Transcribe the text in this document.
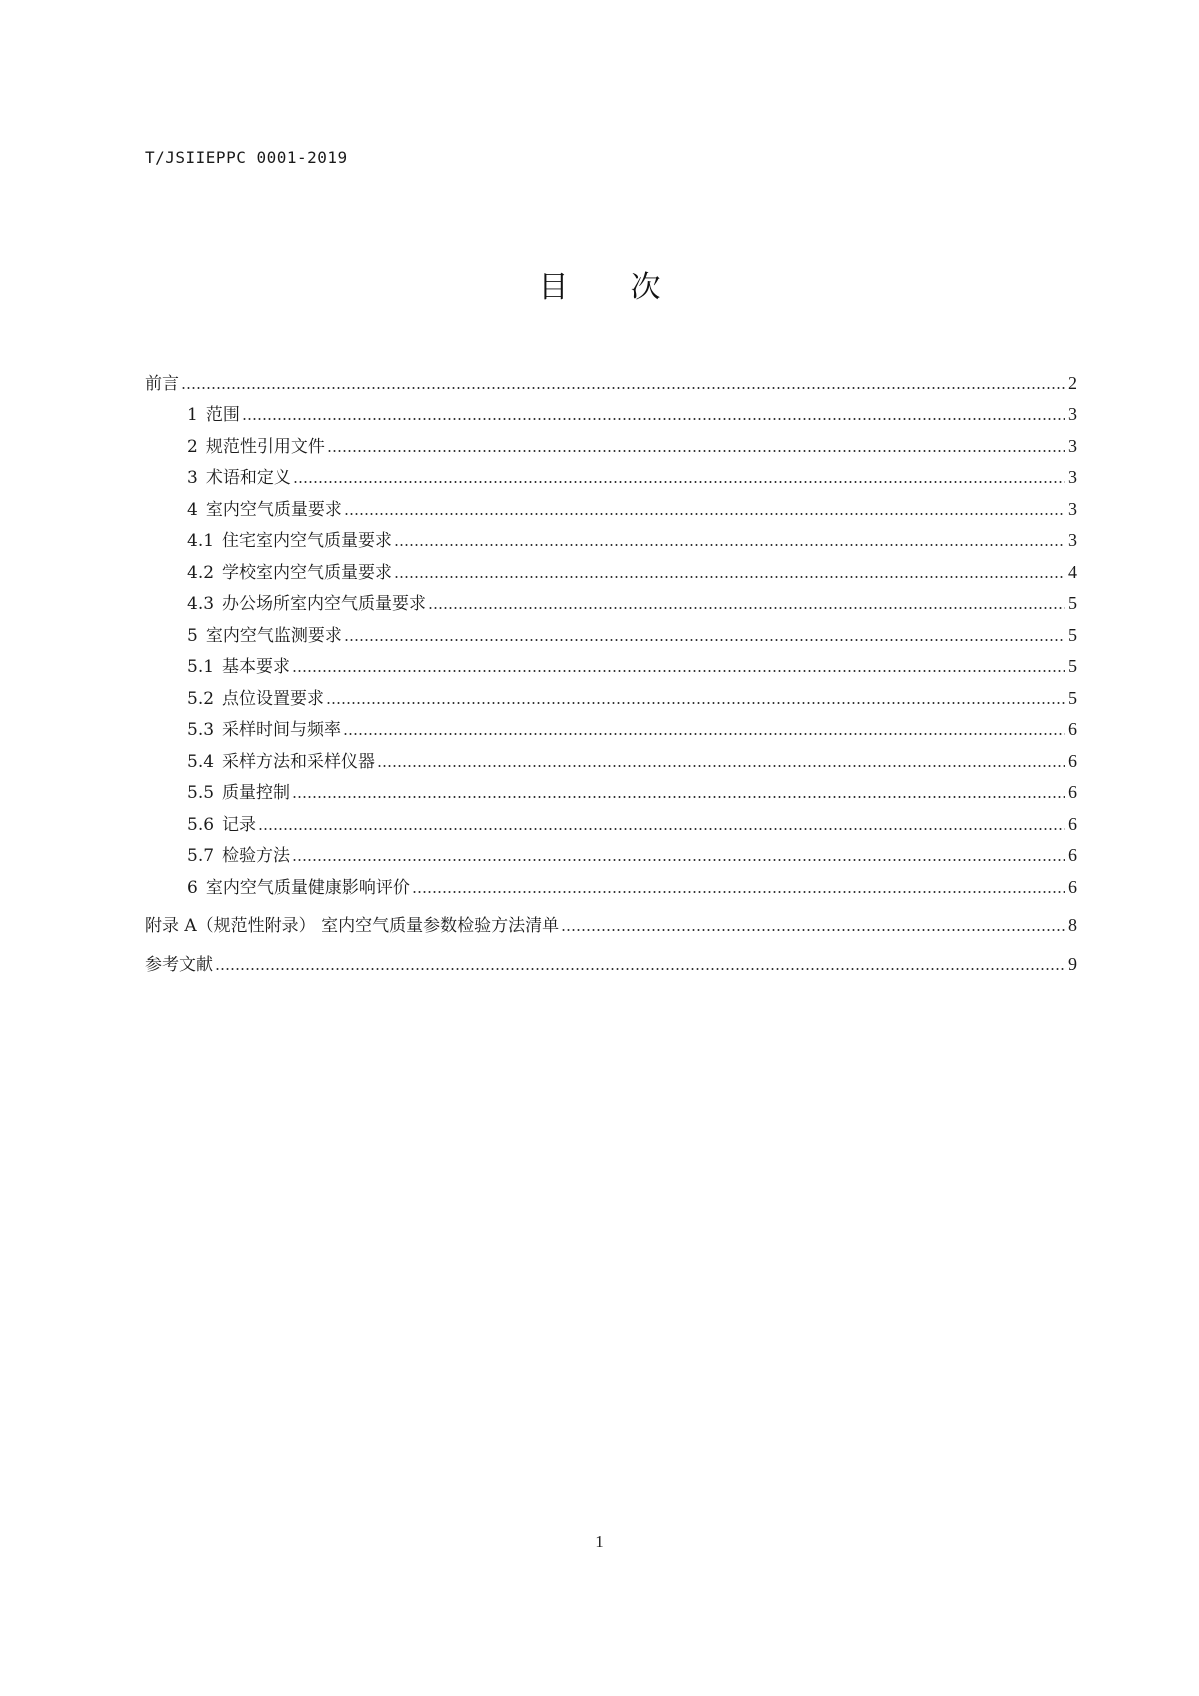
T/JSIIEPPC 0001-2019
目 次
前言	2
1 范围	3
2 规范性引用文件	3
3 术语和定义	3
4 室内空气质量要求	3
4.1 住宅室内空气质量要求	3
4.2 学校室内空气质量要求	4
4.3 办公场所室内空气质量要求	5
5 室内空气监测要求	5
5.1 基本要求	5
5.2 点位设置要求	5
5.3 采样时间与频率	6
5.4 采样方法和采样仪器	6
5.5 质量控制	6
5.6 记录	6
5.7 检验方法	6
6 室内空气质量健康影响评价	6
附录 A（规范性附录） 室内空气质量参数检验方法清单	8
参考文献	9
1
